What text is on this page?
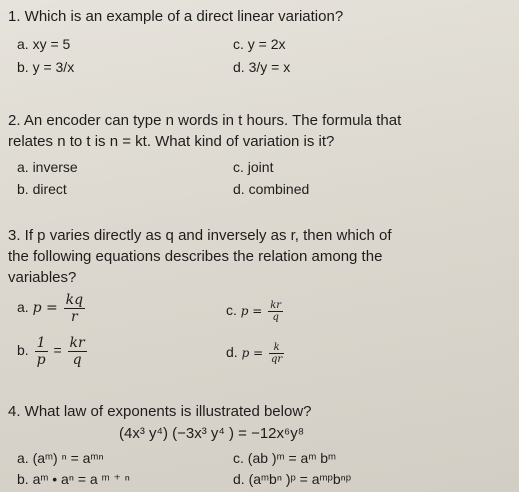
1. Which is an example of a direct linear variation?
a. xy = 5	c. y = 2x
b. y = 3/x	d. 3/y = x
2. An encoder can type n words in t hours. The formula that
relates n to t is n = kt. What kind of variation is it?
a. inverse	c. joint
b. direct	d. combined
3. If p varies directly as q and inversely as r, then which of
the following equations describes the relation among the
variables?
a. $p = \frac{kq}{r}$	c. $p = \frac{kr}{q}$
b. $\frac{1}{p} = \frac{kr}{q}$	d. $p = \frac{k}{qr}$
4. What law of exponents is illustrated below?
(4x³ y⁴) (−3x³ y⁴ ) = −12x⁶y⁸
a. (aᵐ) ⁿ = aᵐⁿ	c. (ab )ᵐ = aᵐ bᵐ
b. aᵐ • aⁿ = a ᵐ ⁺ ⁿ	d. (aᵐbⁿ )ᵖ = aᵐᵖbⁿᵖ
